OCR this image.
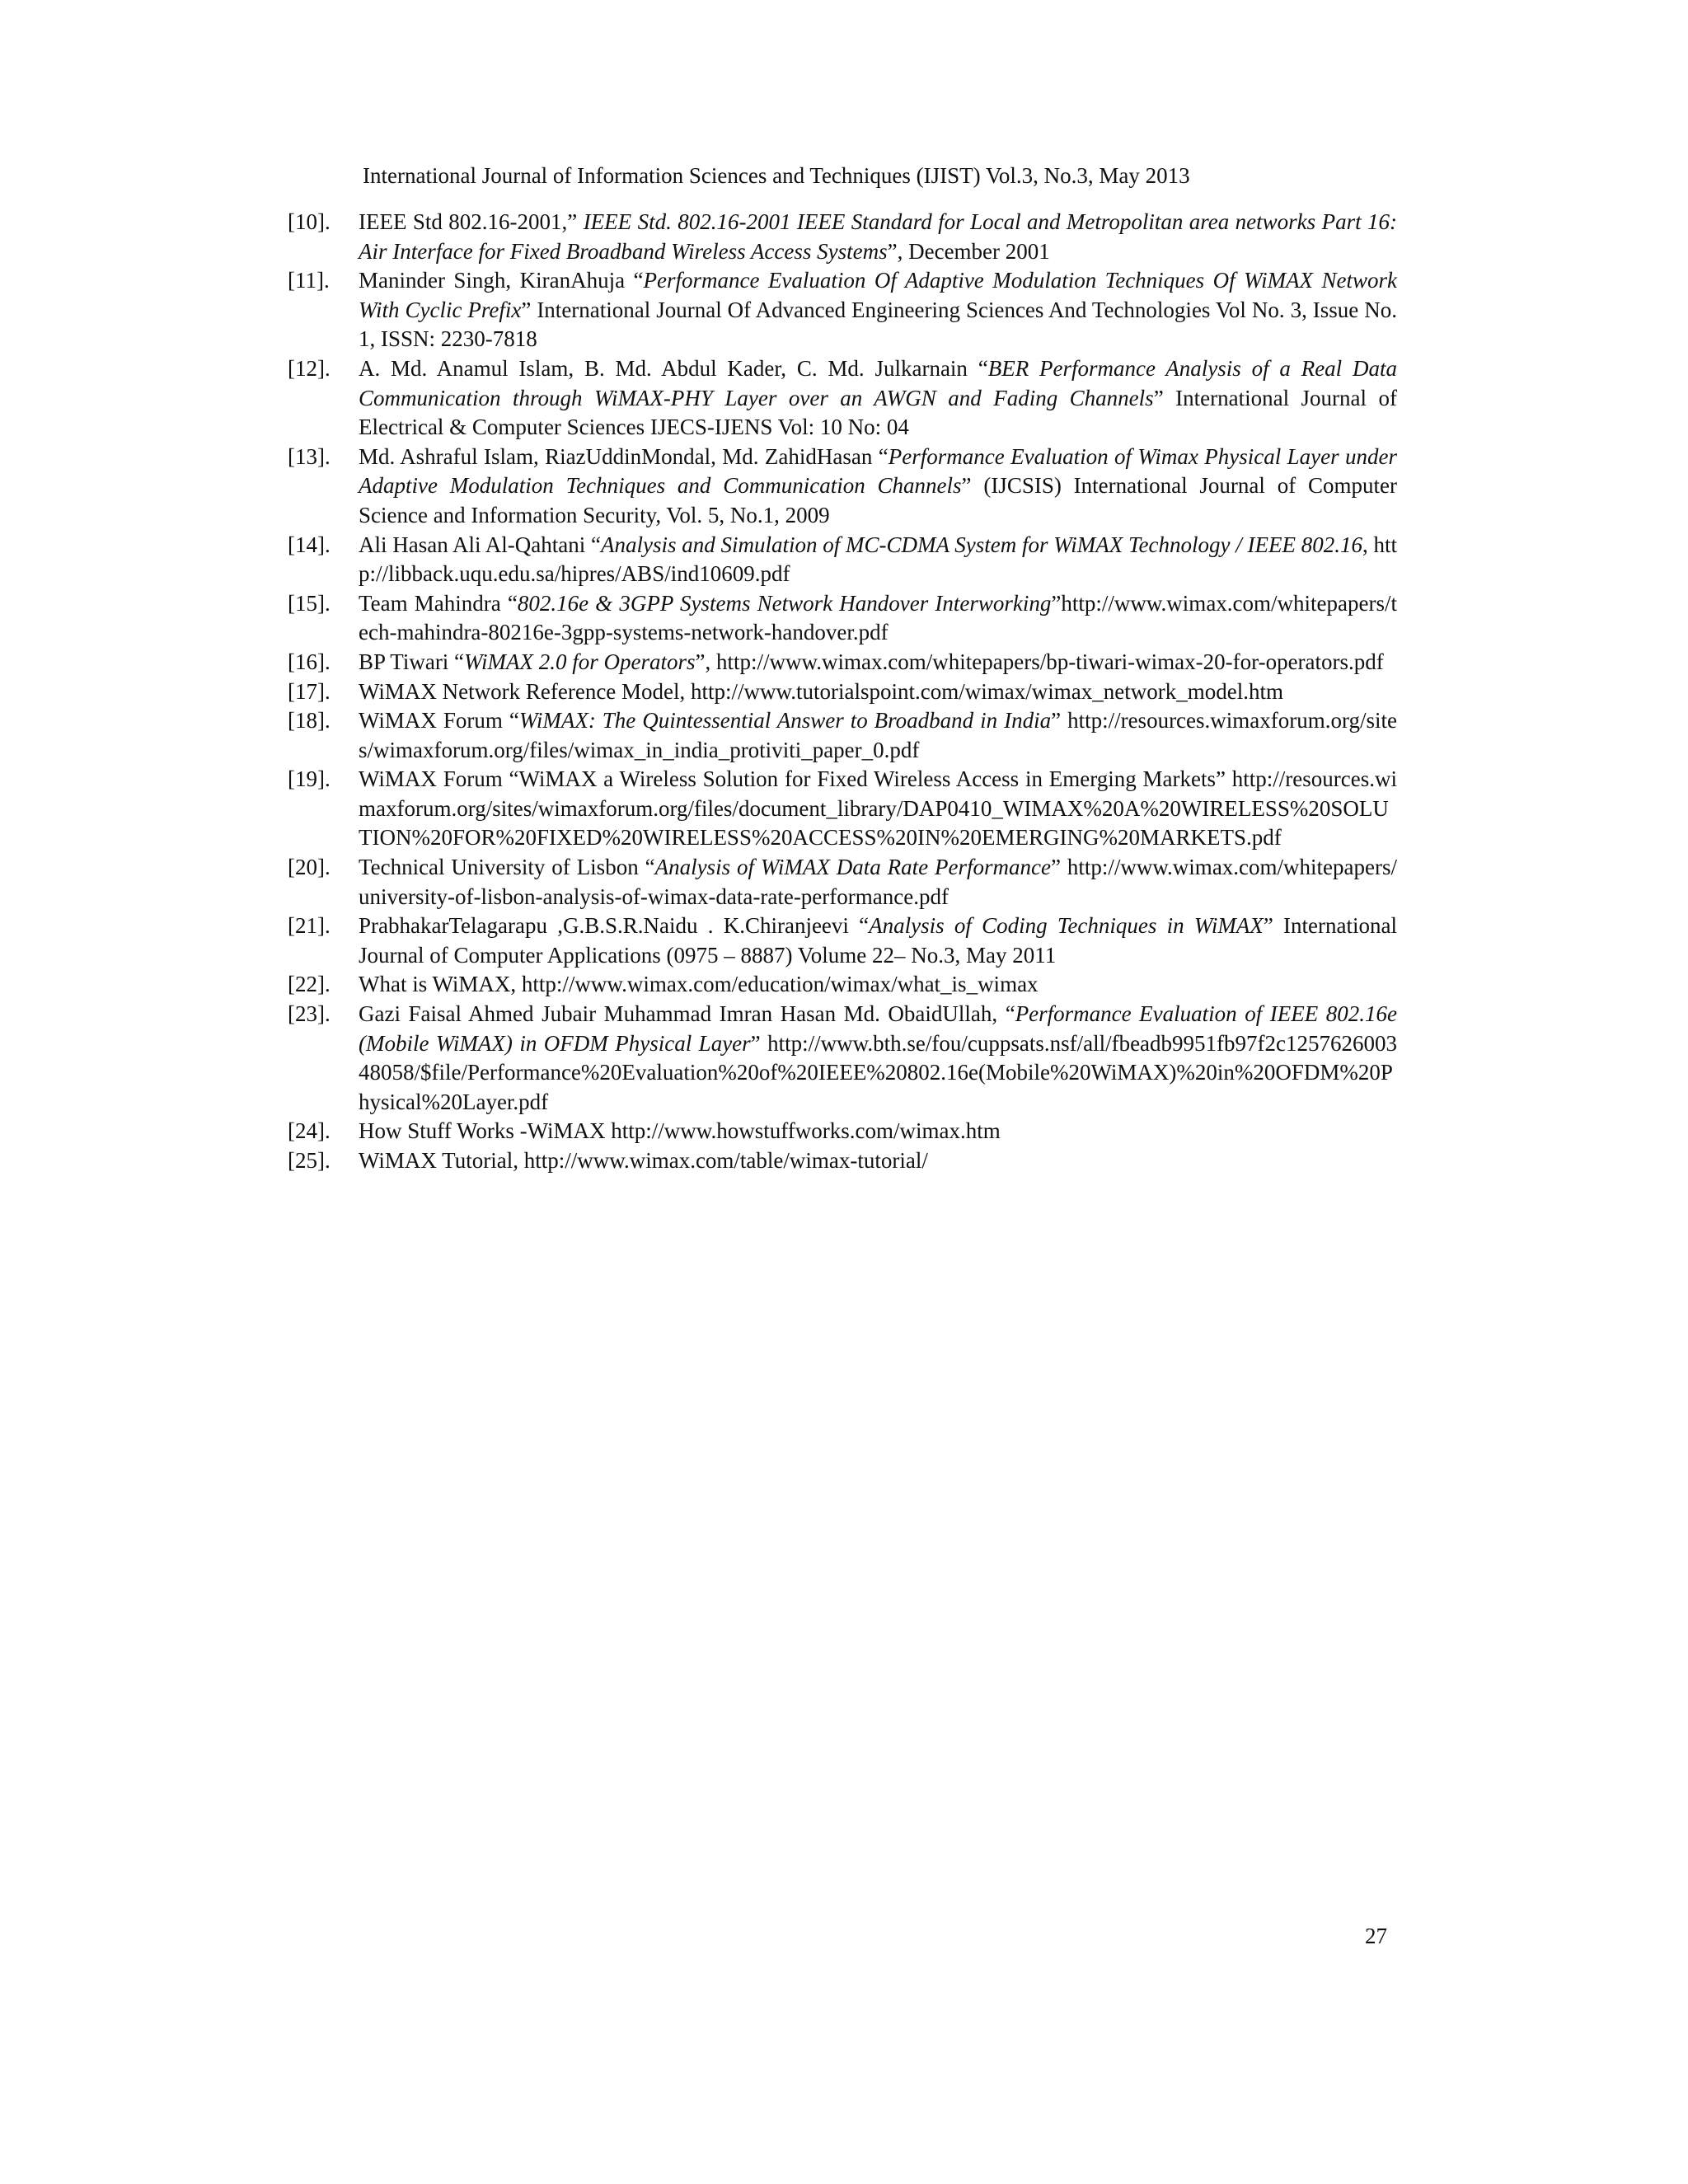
International Journal of Information Sciences and Techniques (IJIST) Vol.3, No.3, May 2013
[10]. IEEE Std 802.16-2001,” IEEE Std. 802.16-2001 IEEE Standard for Local and Metropolitan area networks Part 16: Air Interface for Fixed Broadband Wireless Access Systems”, December 2001
[11]. Maninder Singh, KiranAhuja “Performance Evaluation Of Adaptive Modulation Techniques Of WiMAX Network With Cyclic Prefix” International Journal Of Advanced Engineering Sciences And Technologies Vol No. 3, Issue No. 1, ISSN: 2230-7818
[12]. A. Md. Anamul Islam, B. Md. Abdul Kader, C. Md. Julkarnain “BER Performance Analysis of a Real Data Communication through WiMAX-PHY Layer over an AWGN and Fading Channels” International Journal of Electrical & Computer Sciences IJECS-IJENS Vol: 10 No: 04
[13]. Md. Ashraful Islam, RiazUddinMondal, Md. ZahidHasan “Performance Evaluation of Wimax Physical Layer under Adaptive Modulation Techniques and Communication Channels” (IJCSIS) International Journal of Computer Science and Information Security, Vol. 5, No.1, 2009
[14]. Ali Hasan Ali Al-Qahtani “Analysis and Simulation of MC-CDMA System for WiMAX Technology / IEEE 802.16, http://libback.uqu.edu.sa/hipres/ABS/ind10609.pdf
[15]. Team Mahindra “802.16e & 3GPP Systems Network Handover Interworking”http://www.wimax.com/whitepapers/tech-mahindra-80216e-3gpp-systems-network-handover.pdf
[16]. BP Tiwari “WiMAX 2.0 for Operators”, http://www.wimax.com/whitepapers/bp-tiwari-wimax-20-for-operators.pdf
[17]. WiMAX Network Reference Model, http://www.tutorialspoint.com/wimax/wimax_network_model.htm
[18]. WiMAX Forum “WiMAX: The Quintessential Answer to Broadband in India” http://resources.wimaxforum.org/sites/wimaxforum.org/files/wimax_in_india_protiviti_paper_0.pdf
[19]. WiMAX Forum “WiMAX a Wireless Solution for Fixed Wireless Access in Emerging Markets” http://resources.wimaxforum.org/sites/wimaxforum.org/files/document_library/DAP0410_WIMAX%20A%20WIRELESS%20SOLUTION%20FOR%20FIXED%20WIRELESS%20ACCESS%20IN%20EMERGING%20MARKETS.pdf
[20]. Technical University of Lisbon “Analysis of WiMAX Data Rate Performance” http://www.wimax.com/whitepapers/university-of-lisbon-analysis-of-wimax-data-rate-performance.pdf
[21]. PrabhakarTelagarapu ,G.B.S.R.Naidu . K.Chiranjeevi “Analysis of Coding Techniques in WiMAX” International Journal of Computer Applications (0975 – 8887) Volume 22– No.3, May 2011
[22]. What is WiMAX, http://www.wimax.com/education/wimax/what_is_wimax
[23]. Gazi Faisal Ahmed Jubair Muhammad Imran Hasan Md. ObaidUllah, “Performance Evaluation of IEEE 802.16e (Mobile WiMAX) in OFDM Physical Layer” http://www.bth.se/fou/cuppsats.nsf/all/fbeadb9951fb97f2c125762600348058/$file/Performance%20Evaluation%20of%20IEEE%20802.16e(Mobile%20WiMAX)%20in%20OFDM%20Physical%20Layer.pdf
[24]. How Stuff Works -WiMAX http://www.howstuffworks.com/wimax.htm
[25]. WiMAX Tutorial, http://www.wimax.com/table/wimax-tutorial/
27
